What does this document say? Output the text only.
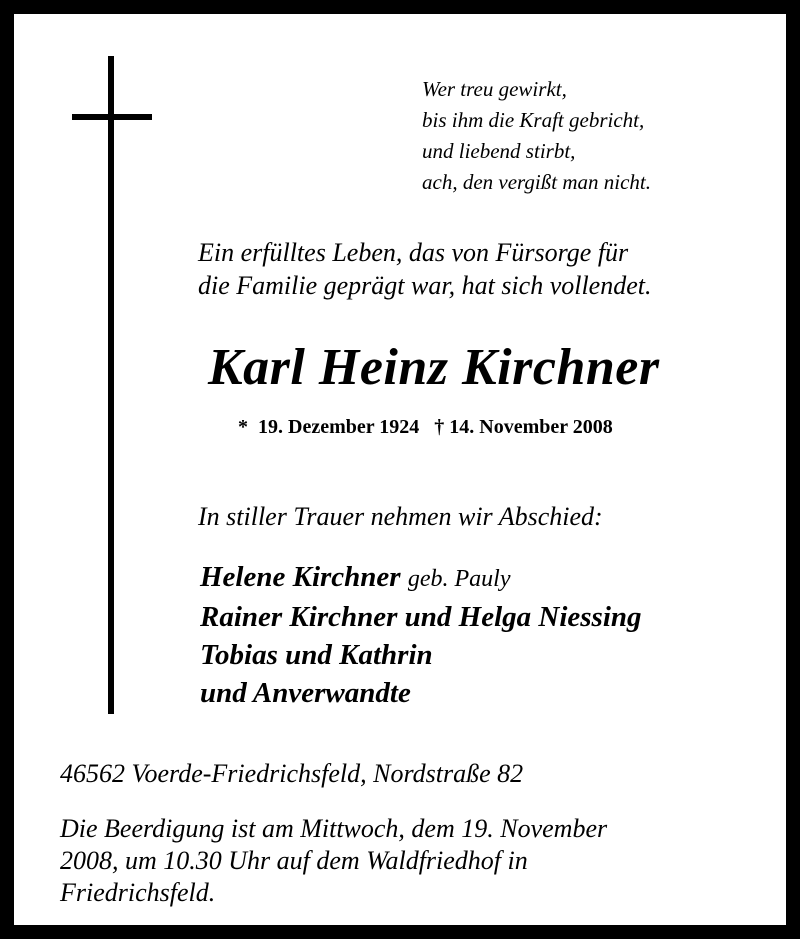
Wer treu gewirkt,
bis ihm die Kraft gebricht,
und liebend stirbt,
ach, den vergißt man nicht.
Ein erfülltes Leben, das von Fürsorge für
die Familie geprägt war, hat sich vollendet.
Karl Heinz Kirchner
*  19. Dezember 1924 † 14. November 2008
In stiller Trauer nehmen wir Abschied:
Helene Kirchner geb. Pauly
Rainer Kirchner und Helga Niessing
Tobias und Kathrin
und Anverwandte
46562 Voerde-Friedrichsfeld, Nordstraße 82
Die Beerdigung ist am Mittwoch, dem 19. November
2008, um 10.30 Uhr auf dem Waldfriedhof in
Friedrichsfeld.
